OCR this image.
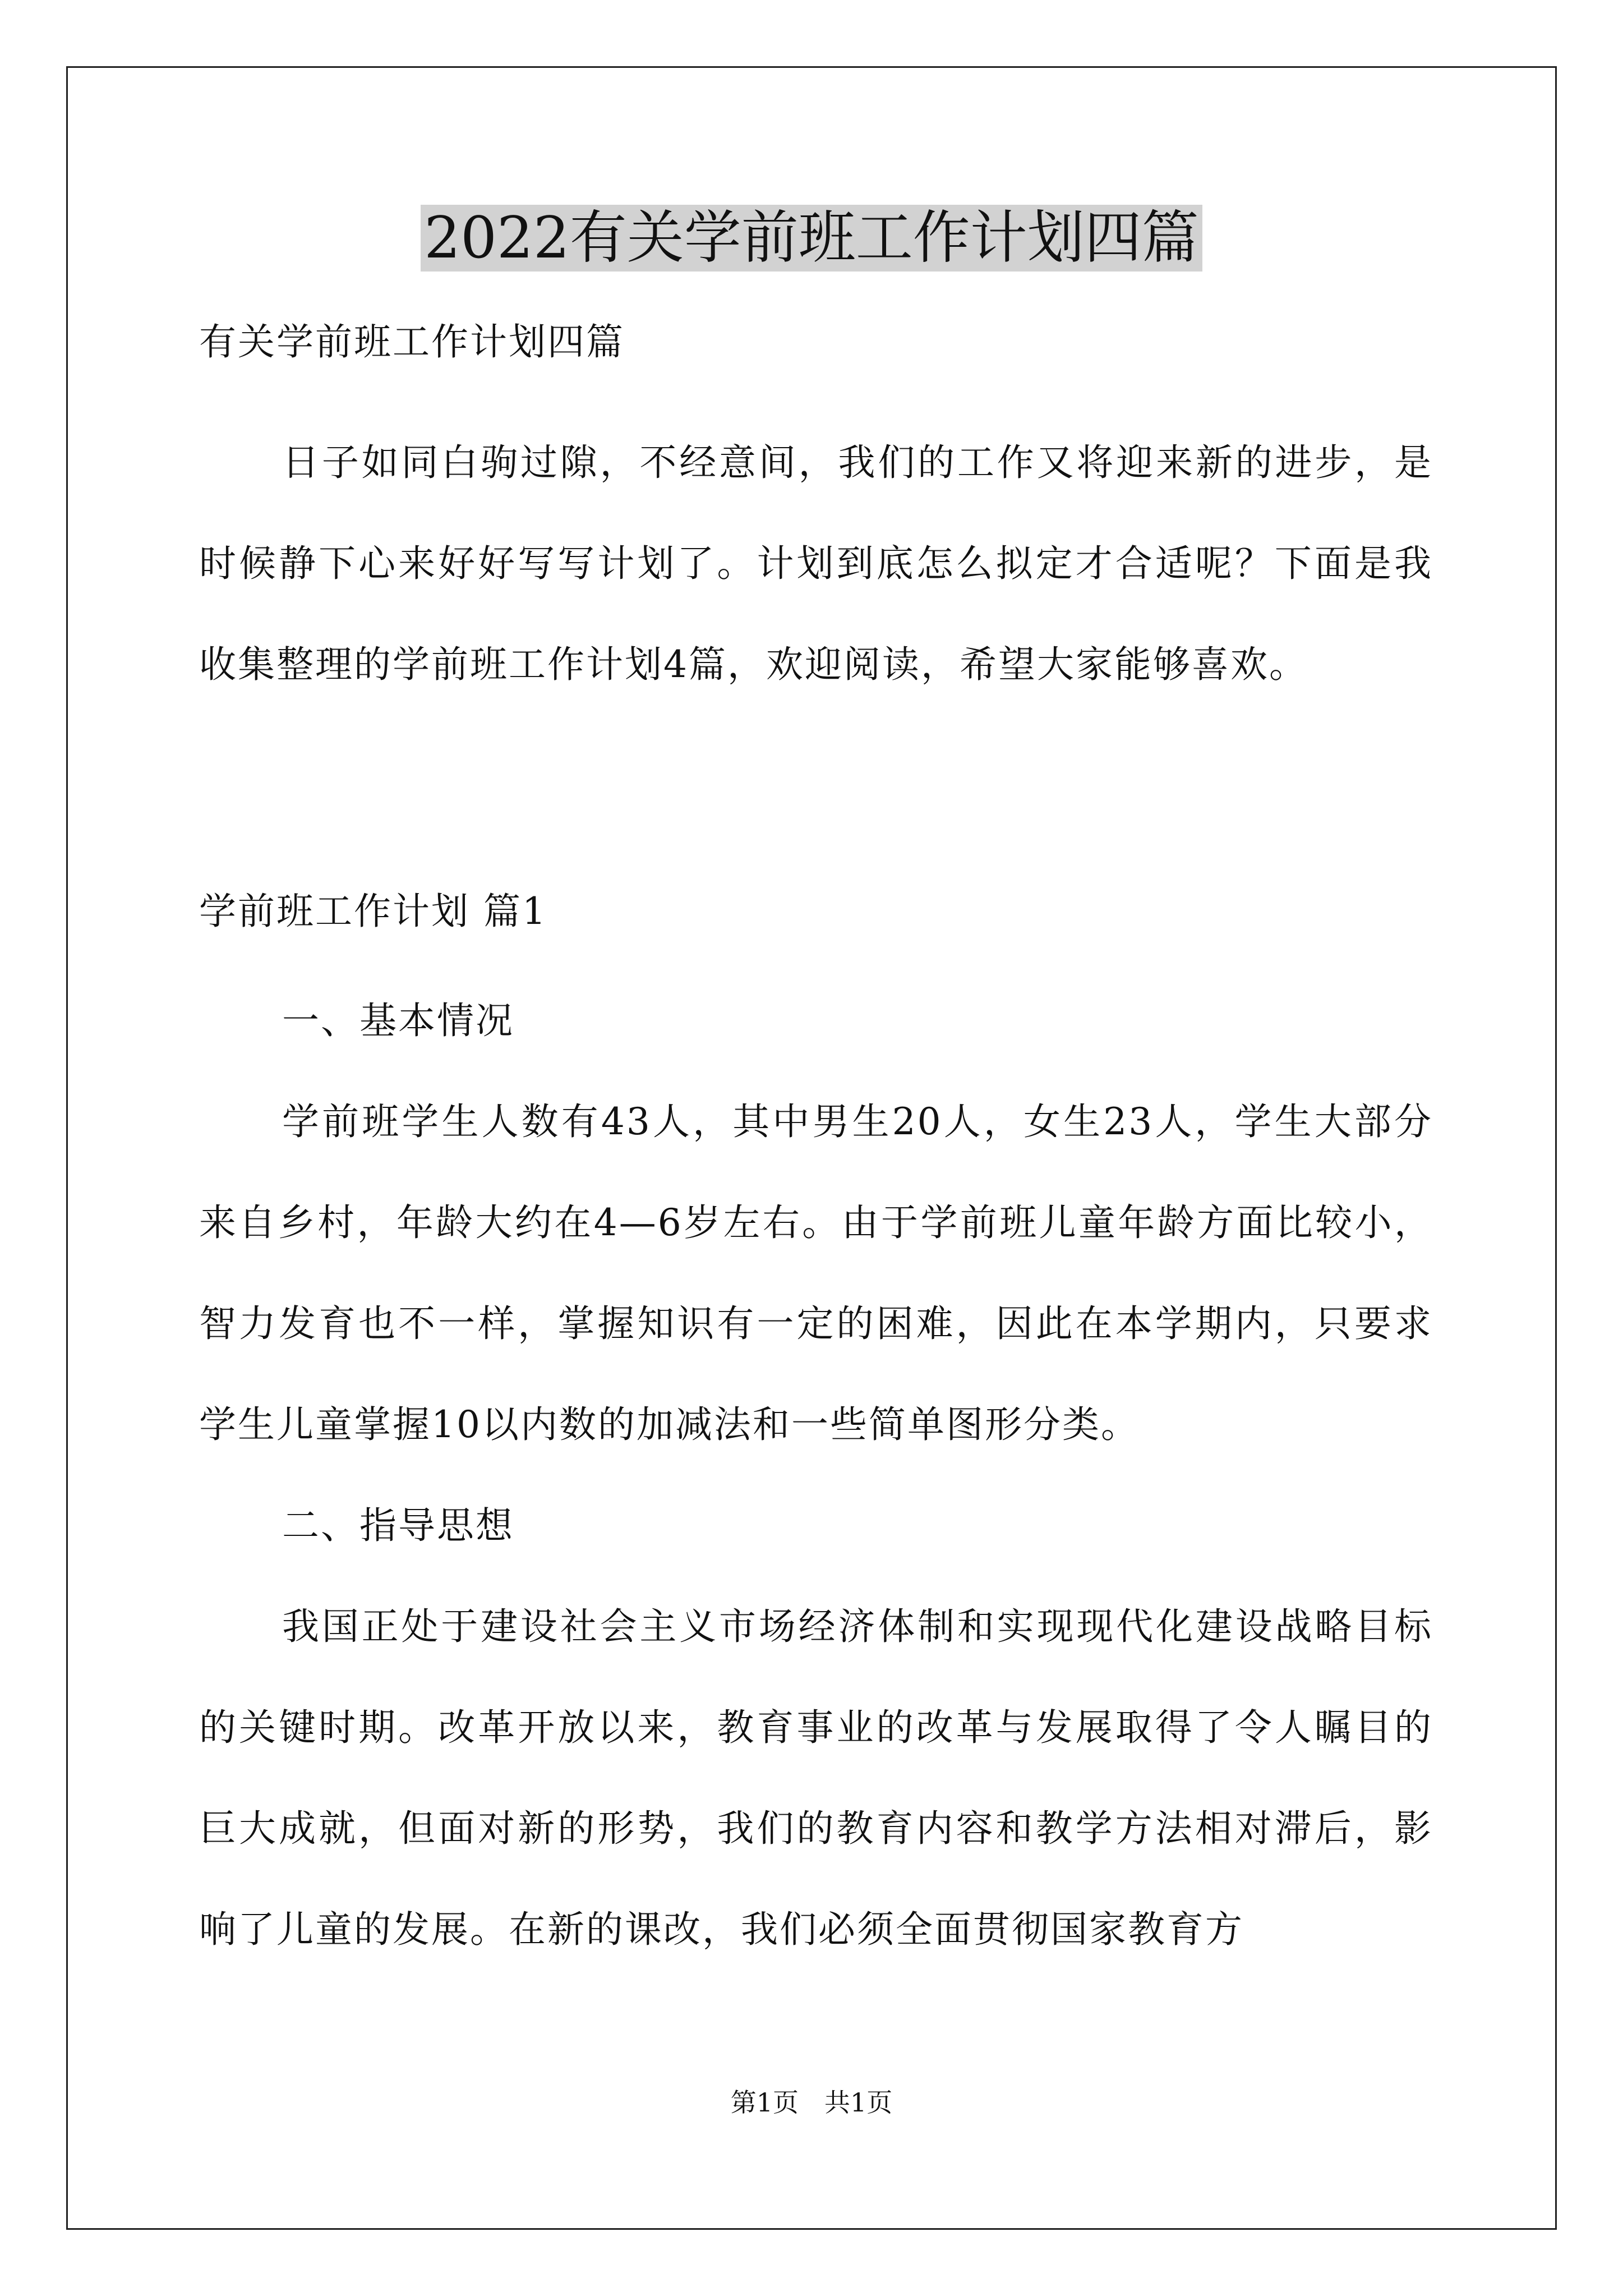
2022有关学前班工作计划四篇

有关学前班工作计划四篇

日子如同白驹过隙，不经意间，我们的工作又将迎来新的进步，是时候静下心来好好写写计划了。计划到底怎么拟定才合适呢？下面是我收集整理的学前班工作计划4篇，欢迎阅读，希望大家能够喜欢。

学前班工作计划 篇1

一、基本情况

学前班学生人数有43人，其中男生20人，女生23人，学生大部分来自乡村，年龄大约在4—6岁左右。由于学前班儿童年龄方面比较小，智力发育也不一样，掌握知识有一定的困难，因此在本学期内，只要求学生儿童掌握10以内数的加减法和一些简单图形分类。

二、指导思想

我国正处于建设社会主义市场经济体制和实现现代化建设战略目标的关键时期。改革开放以来，教育事业的改革与发展取得了令人瞩目的巨大成就，但面对新的形势，我们的教育内容和教学方法相对滞后，影响了儿童的发展。在新的课改，我们必须全面贯彻国家教育方

第1页　共1页
